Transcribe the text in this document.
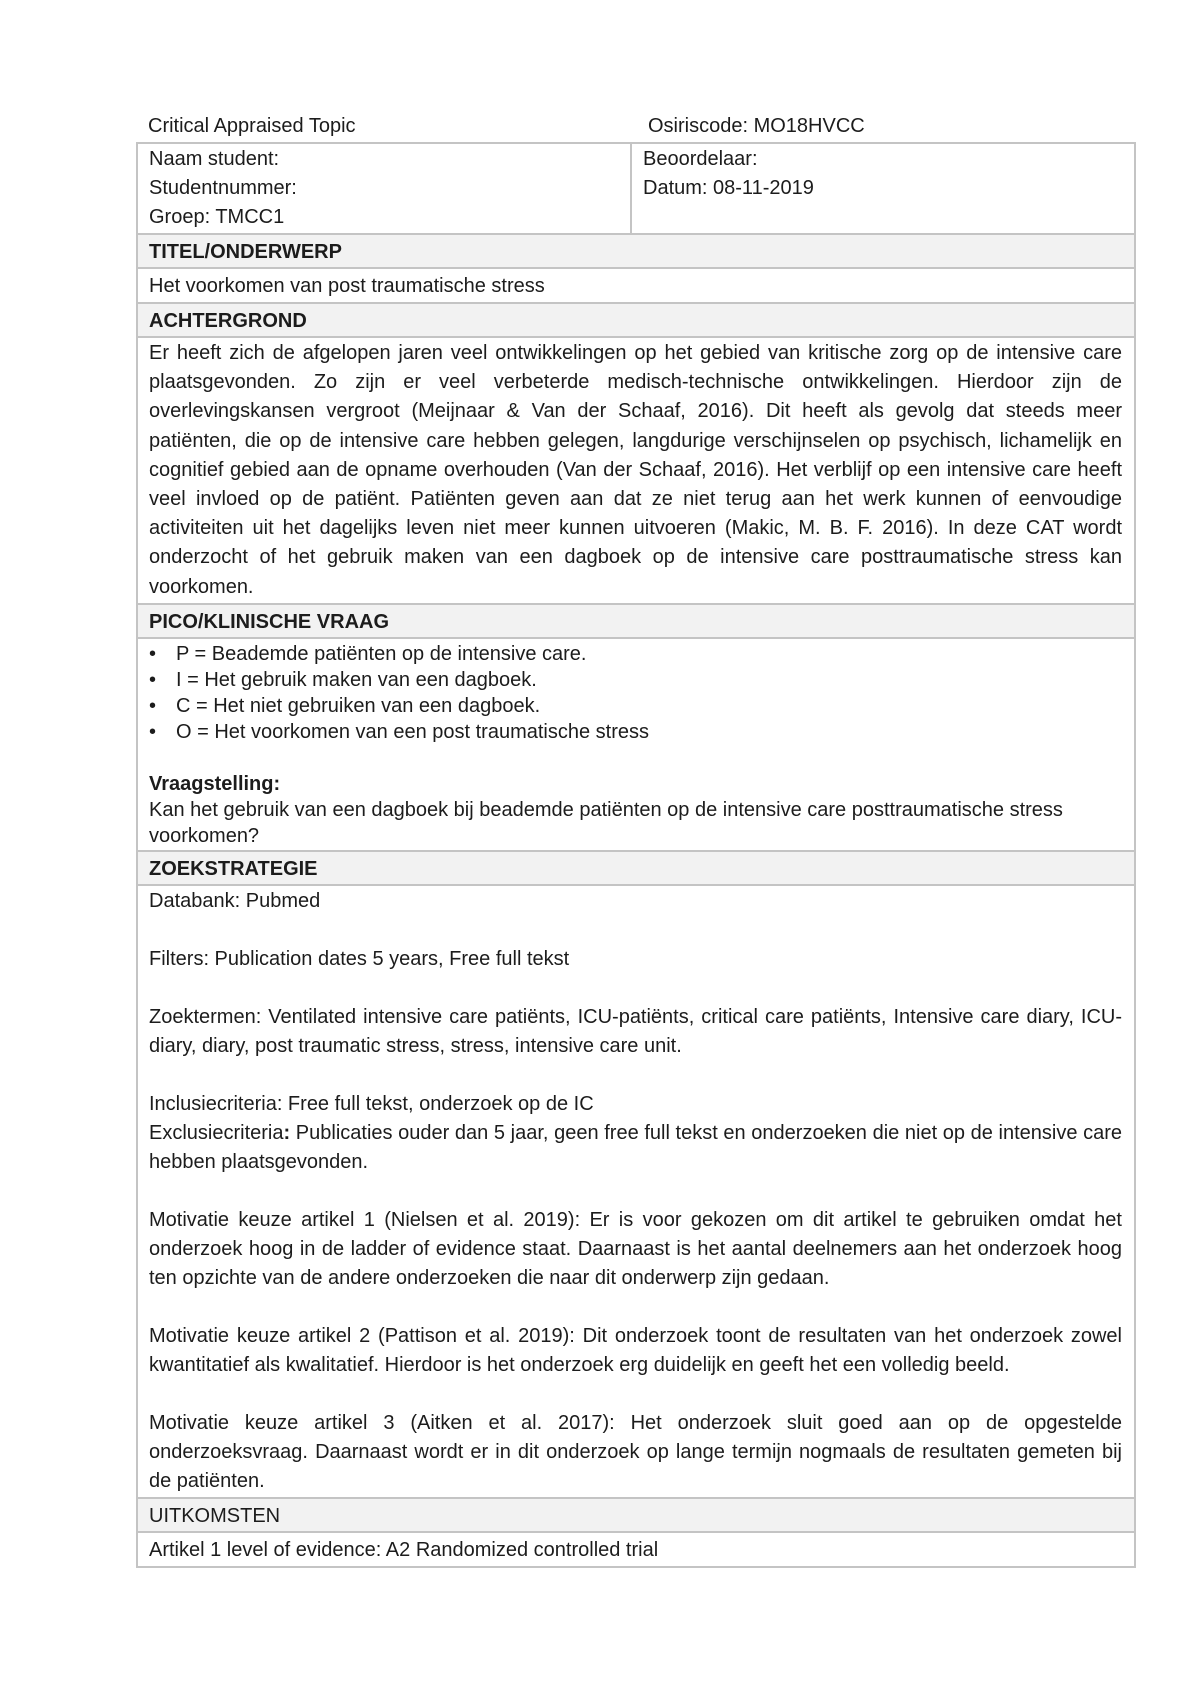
Critical Appraised Topic	Osiriscode: MO18HVCC
Naam student:
Studentnummer:
Groep: TMCC1

Beoordelaar:
Datum: 08-11-2019

TITEL/ONDERWERP
Het voorkomen van post traumatische stress
ACHTERGROND
Er heeft zich de afgelopen jaren veel ontwikkelingen op het gebied van kritische zorg op de intensive care plaatsgevonden. Zo zijn er veel verbeterde medisch-technische ontwikkelingen. Hierdoor zijn de overlevingskansen vergroot (Meijnaar & Van der Schaaf, 2016). Dit heeft als gevolg dat steeds meer patiënten, die op de intensive care hebben gelegen, langdurige verschijnselen op psychisch, lichamelijk en cognitief gebied aan de opname overhouden (Van der Schaaf, 2016). Het verblijf op een intensive care heeft veel invloed op de patiënt. Patiënten geven aan dat ze niet terug aan het werk kunnen of eenvoudige activiteiten uit het dagelijks leven niet meer kunnen uitvoeren (Makic, M. B. F. 2016). In deze CAT wordt onderzocht of het gebruik maken van een dagboek op de intensive care posttraumatische stress kan voorkomen.
PICO/KLINISCHE VRAAG

• P = Beademde patiënten op de intensive care.
• I = Het gebruik maken van een dagboek.
• C = Het niet gebruiken van een dagboek.
• O = Het voorkomen van een post traumatische stress
Vraagstelling:
Kan het gebruik van een dagboek bij beademde patiënten op de intensive care posttraumatische stress voorkomen?

ZOEKSTRATEGIE

Databank: Pubmed

Filters: Publication dates 5 years, Free full tekst

Zoektermen: Ventilated intensive care patiënts, ICU-patiënts, critical care patiënts, Intensive care diary, ICU-diary, diary, post traumatic stress, stress, intensive care unit.

Inclusiecriteria: Free full tekst, onderzoek op de IC

Exclusiecriteria: Publicaties ouder dan 5 jaar, geen free full tekst en onderzoeken die niet op de intensive care hebben plaatsgevonden.

Motivatie keuze artikel 1 (Nielsen et al. 2019): Er is voor gekozen om dit artikel te gebruiken omdat het onderzoek hoog in de ladder of evidence staat. Daarnaast is het aantal deelnemers aan het onderzoek hoog ten opzichte van de andere onderzoeken die naar dit onderwerp zijn gedaan.

Motivatie keuze artikel 2 (Pattison et al. 2019): Dit onderzoek toont de resultaten van het onderzoek zowel kwantitatief als kwalitatief. Hierdoor is het onderzoek erg duidelijk en geeft het een volledig beeld.

Motivatie keuze artikel 3 (Aitken et al. 2017): Het onderzoek sluit goed aan op de opgestelde onderzoeksvraag. Daarnaast wordt er in dit onderzoek op lange termijn nogmaals de resultaten gemeten bij de patiënten.

UITKOMSTEN
Artikel 1 level of evidence: A2 Randomized controlled trial
